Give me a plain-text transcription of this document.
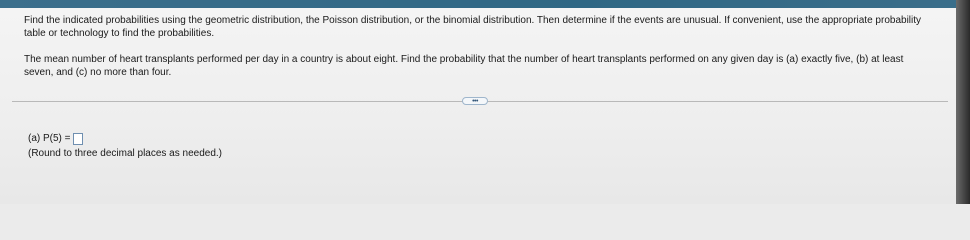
Find the indicated probabilities using the geometric distribution, the Poisson distribution, or the binomial distribution. Then determine if the events are unusual. If convenient, use the appropriate probability table or technology to find the probabilities.

The mean number of heart transplants performed per day in a country is about eight. Find the probability that the number of heart transplants performed on any given day is (a) exactly five, (b) at least seven, and (c) no more than four.

•••
(a) P(5) =
(Round to three decimal places as needed.)
